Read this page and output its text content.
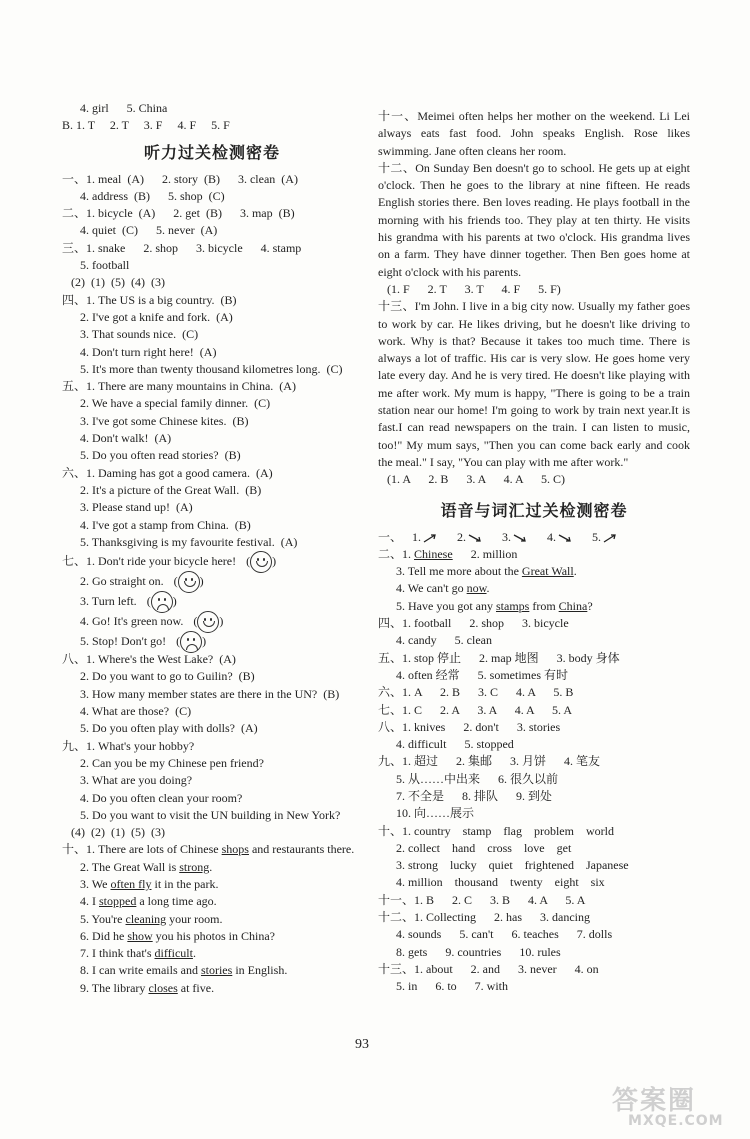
4. girl      5. China
B. 1. T     2. T     3. F     4. F     5. F
听力过关检测密卷
一、1. meal  (A)      2. story  (B)      3. clean  (A)
4. address  (B)      5. shop  (C)
二、1. bicycle  (A)      2. get  (B)      3. map  (B)
4. quiet  (C)      5. never  (A)
三、1. snake      2. shop      3. bicycle      4. stamp
5. football
(2)  (1)  (5)  (4)  (3)
四、1. The US is a big country.  (B)
2. I've got a knife and fork.  (A)
3. That sounds nice.  (C)
4. Don't turn right here!  (A)
5. It's more than twenty thousand kilometres long.  (C)
五、1. There are many mountains in China.  (A)
2. We have a special family dinner.  (C)
3. I've got some Chinese kites.  (B)
4. Don't walk!  (A)
5. Do you often read stories?  (B)
六、1. Daming has got a good camera.  (A)
2. It's a picture of the Great Wall.  (B)
3. Please stand up!  (A)
4. I've got a stamp from China.  (B)
5. Thanksgiving is my favourite festival.  (A)
七、1. Don't ride your bicycle here! ( )
2. Go straight on. ( )
3. Turn left. ( )
4. Go! It's green now. ( )
5. Stop! Don't go! ( )
八、1. Where's the West Lake?  (A)
2. Do you want to go to Guilin?  (B)
3. How many member states are there in the UN?  (B)
4. What are those?  (C)
5. Do you often play with dolls?  (A)
九、1. What's your hobby?
2. Can you be my Chinese pen friend?
3. What are you doing?
4. Do you often clean your room?
5. Do you want to visit the UN building in New York?
(4)  (2)  (1)  (5)  (3)
十、1. There are lots of Chinese shops and restaurants there.
2. The Great Wall is strong.
3. We often fly it in the park.
4. I stopped a long time ago.
5. You're cleaning your room.
6. Did he show you his photos in China?
7. I think that's difficult.
8. I can write emails and stories in English.
9. The library closes at five.
十一、Meimei often helps her mother on the weekend. Li Lei always eats fast food. John speaks English. Rose likes swimming. Jane often cleans her room.
十二、On Sunday Ben doesn't go to school. He gets up at eight o'clock. Then he goes to the library at nine fifteen. He reads English stories there. Ben loves reading. He plays football in the morning with his friends too. They play at ten thirty. He visits his grandma with his parents at two o'clock. His grandma lives on a farm. They have dinner together. Then Ben goes home at eight o'clock with his parents.
(1. F      2. T      3. T      4. F      5. F)
十三、I'm John. I live in a big city now. Usually my father goes to work by car. He likes driving, but he doesn't like driving to work. Why is that? Because it takes too much time. There is always a lot of traffic. His car is very slow. He goes home very late every day. And he is very tired. He doesn't like playing with me after work. My mum is happy, "There is going to be a train station near our home! I'm going to work by train next year.It is fast.I can read newspapers on the train. I can listen to music, too!" My mum says, "Then you can come back early and cook the meal." I say, "You can play with me after work."
(1. A      2. B      3. A      4. A      5. C)
语音与词汇过关检测密卷
一、 1.	2.	3.	4.	5.
二、1. Chinese      2. million
3. Tell me more about the Great Wall.
4. We can't go now.
5. Have you got any stamps from China?
四、1. football      2. shop      3. bicycle
4. candy      5. clean
五、1. stop 停止      2. map 地图      3. body 身体
4. often 经常      5. sometimes 有时
六、1. A      2. B      3. C      4. A      5. B
七、1. C      2. A      3. A      4. A      5. A
八、1. knives      2. don't      3. stories
4. difficult      5. stopped
九、1. 超过      2. 集邮      3. 月饼      4. 笔友
5. 从……中出来      6. 很久以前
7. 不全是      8. 排队      9. 到处
10. 向……展示
十、1. country    stamp    flag    problem    world
2. collect    hand    cross    love    get
3. strong    lucky    quiet    frightened    Japanese
4. million    thousand    twenty    eight    six
十一、1. B      2. C      3. B      4. A      5. A
十二、1. Collecting      2. has      3. dancing
4. sounds      5. can't      6. teaches      7. dolls
8. gets      9. countries      10. rules
十三、1. about      2. and      3. never      4. on
5. in      6. to      7. with
93
答案圈
MXQE.COM
